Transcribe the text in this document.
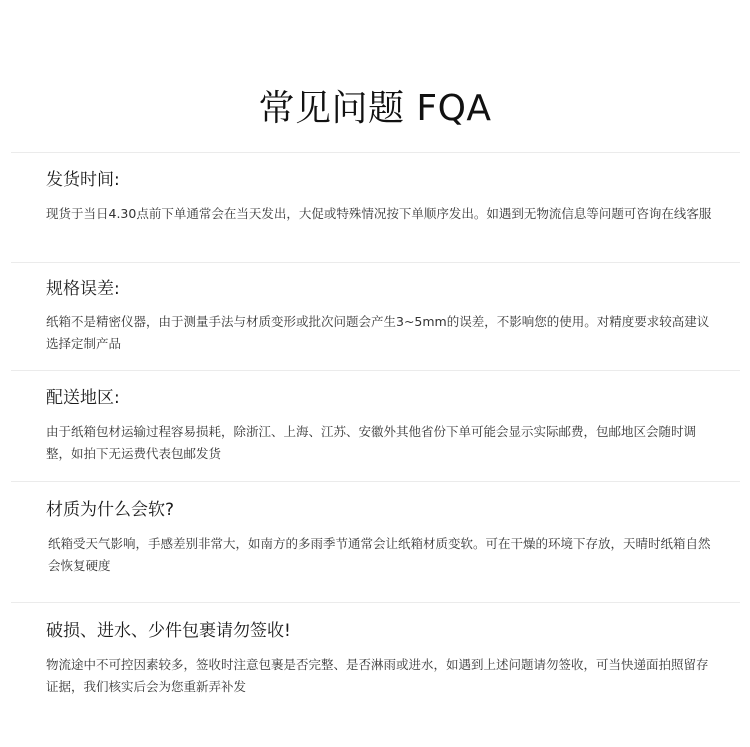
常见问题 FQA
发货时间:

现货于当日4.30点前下单通常会在当天发出，大促或特殊情况按下单顺序发出。如遇到无物流信息等问题可咨询在线客服

规格误差:

纸箱不是精密仪器，由于测量手法与材质变形或批次问题会产生3~5mm的误差，不影响您的使用。对精度要求较高建议选择定制产品

配送地区:

由于纸箱包材运输过程容易损耗，除浙江、上海、江苏、安徽外其他省份下单可能会显示实际邮费，包邮地区会随时调整，如拍下无运费代表包邮发货

材质为什么会软?

纸箱受天气影响，手感差别非常大，如南方的多雨季节通常会让纸箱材质变软。可在干燥的环境下存放，天晴时纸箱自然会恢复硬度

破损、进水、少件包裹请勿签收!

物流途中不可控因素较多，签收时注意包裹是否完整、是否淋雨或进水，如遇到上述问题请勿签收，可当快递面拍照留存证据，我们核实后会为您重新弄补发
